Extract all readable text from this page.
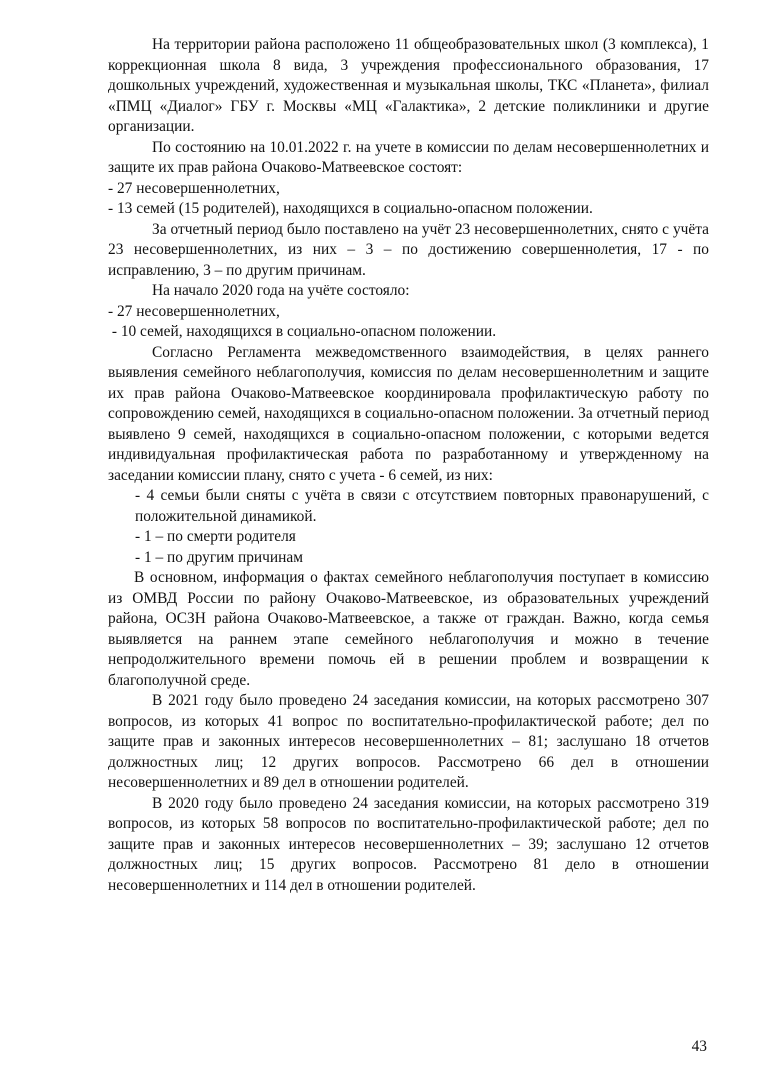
На территории района расположено 11 общеобразовательных школ (3 комплекса), 1 коррекционная школа 8 вида, 3 учреждения профессионального образования, 17 дошкольных учреждений, художественная и музыкальная школы, ТКС «Планета», филиал «ПМЦ «Диалог» ГБУ г. Москвы «МЦ «Галактика», 2 детские поликлиники и другие организации.

По состоянию на 10.01.2022 г. на учете в комиссии по делам несовершеннолетних и защите их прав района Очаково-Матвеевское состоят:

- 27 несовершеннолетних,

- 13 семей (15 родителей), находящихся в социально-опасном положении.

За отчетный период было поставлено на учёт 23 несовершеннолетних, снято с учёта 23 несовершеннолетних, из них – 3 – по достижению совершеннолетия, 17 - по исправлению, 3 – по другим причинам.

На начало 2020 года на учёте состояло:

- 27 несовершеннолетних,

- 10 семей, находящихся в социально-опасном положении.

Согласно Регламента межведомственного взаимодействия, в целях раннего выявления семейного неблагополучия, комиссия по делам несовершеннолетним и защите их прав района Очаково-Матвеевское координировала профилактическую работу по сопровождению семей, находящихся в социально-опасном положении. За отчетный период выявлено 9 семей, находящихся в социально-опасном положении, с которыми ведется индивидуальная профилактическая работа по разработанному и утвержденному на заседании комиссии плану, снято с учета - 6 семей, из них:

- 4 семьи были сняты с учёта в связи с отсутствием повторных правонарушений, с положительной динамикой.

- 1 – по смерти родителя

- 1 – по другим причинам

В основном, информация о фактах семейного неблагополучия поступает в комиссию из ОМВД России по району Очаково-Матвеевское, из образовательных учреждений района, ОСЗН района Очаково-Матвеевское, а также от граждан. Важно, когда семья выявляется на раннем этапе семейного неблагополучия и можно в течение непродолжительного времени помочь ей в решении проблем и возвращении к благополучной среде.

В 2021 году было проведено 24 заседания комиссии, на которых рассмотрено 307 вопросов, из которых 41 вопрос по воспитательно-профилактической работе; дел по защите прав и законных интересов несовершеннолетних – 81; заслушано 18 отчетов должностных лиц; 12 других вопросов. Рассмотрено 66 дел в отношении несовершеннолетних и 89 дел в отношении родителей.

В 2020 году было проведено 24 заседания комиссии, на которых рассмотрено 319 вопросов, из которых 58 вопросов по воспитательно-профилактической работе; дел по защите прав и законных интересов несовершеннолетних – 39; заслушано 12 отчетов должностных лиц; 15 других вопросов. Рассмотрено 81 дело в отношении несовершеннолетних и 114 дел в отношении родителей.

43
